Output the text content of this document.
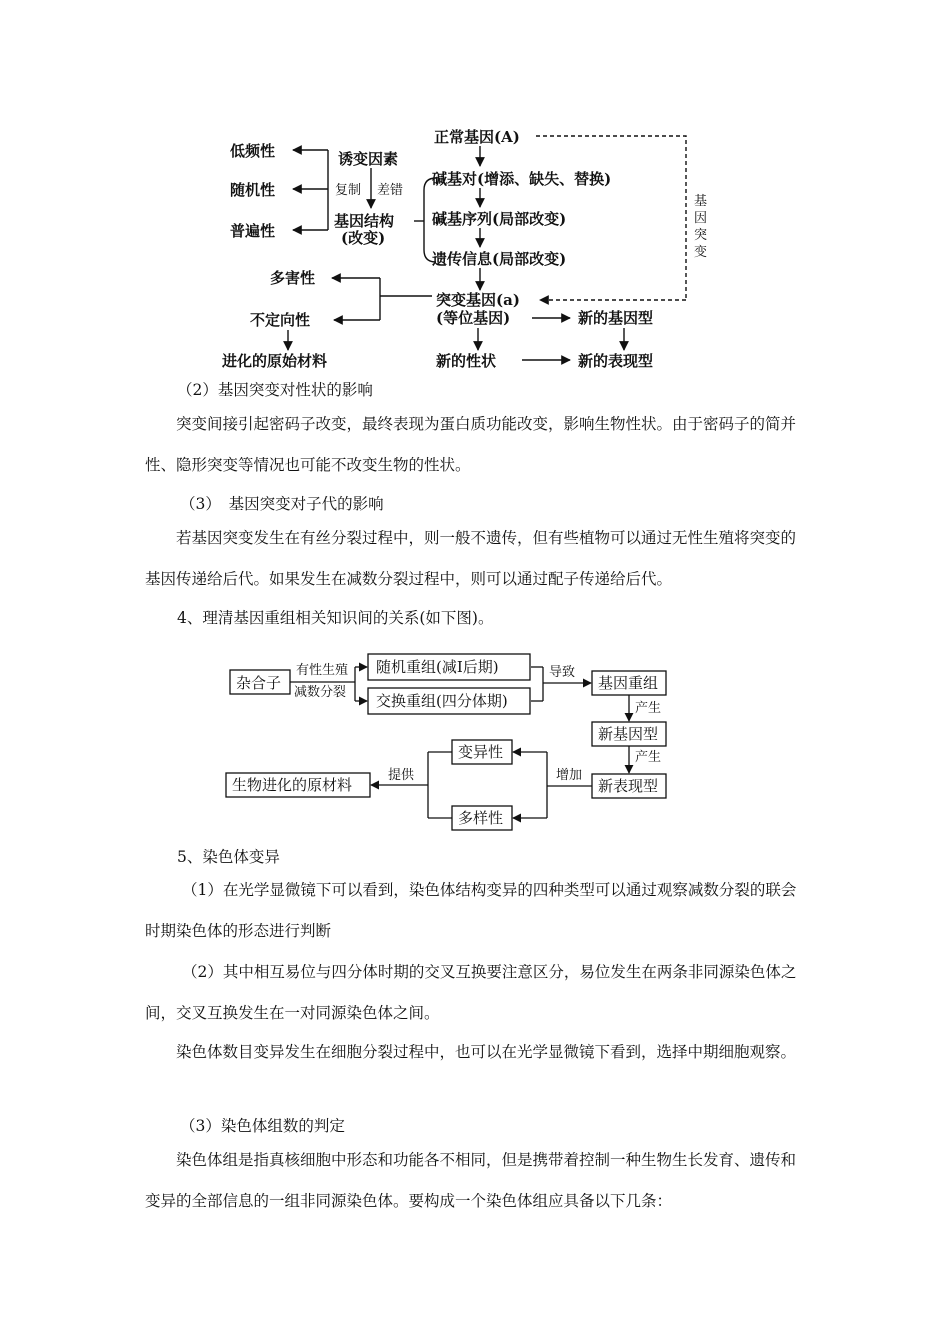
低频性
随机性
普遍性
诱变因素
复制 差错
基因结构
(改变)
正常基因(A)
碱基对(增添、缺失、替换)
碱基序列(局部改变)
遗传信息(局部改变)
基
因
突
变
突变基因(a)
(等位基因)	新的基因型
多害性
不定向性
进化的原始材料	新的性状	新的表现型

（2）基因突变对性状的影响

突变间接引起密码子改变，最终表现为蛋白质功能改变，影响生物性状。由于密码子的简并性、隐形突变等情况也可能不改变生物的性状。

（3）　基因突变对子代的影响

若基因突变发生在有丝分裂过程中，则一般不遗传，但有些植物可以通过无性生殖将突变的基因传递给后代。如果发生在减数分裂过程中，则可以通过配子传递给后代。

4、理清基因重组相关知识间的关系(如下图)。

杂合子
有性生殖
减数分裂
随机重组(减Ⅰ后期)
交换重组(四分体期)
导致
基因重组
产生
新基因型
产生
新表现型
增加
变异性
多样性
提供
生物进化的原材料

5、染色体变异

（1）在光学显微镜下可以看到，染色体结构变异的四种类型可以通过观察减数分裂的联会时期染色体的形态进行判断

（2）其中相互易位与四分体时期的交叉互换要注意区分，易位发生在两条非同源染色体之间，交叉互换发生在一对同源染色体之间。

染色体数目变异发生在细胞分裂过程中，也可以在光学显微镜下看到，选择中期细胞观察。

（3）染色体组数的判定

染色体组是指真核细胞中形态和功能各不相同，但是携带着控制一种生物生长发育、遗传和变异的全部信息的一组非同源染色体。要构成一个染色体组应具备以下几条：
